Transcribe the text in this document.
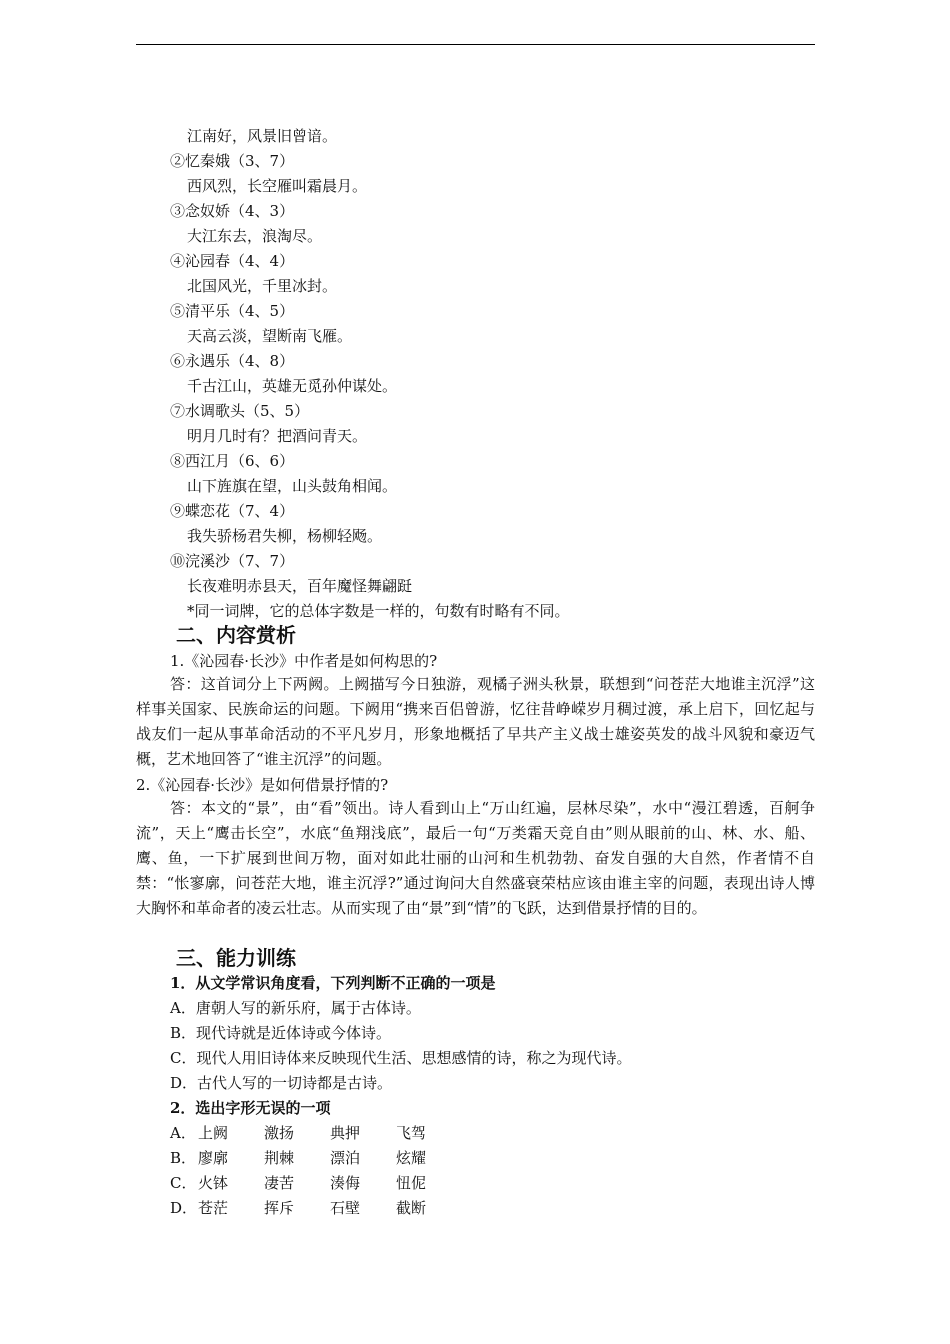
江南好，风景旧曾谙。
②忆秦娥（3、7）
西风烈，长空雁叫霜晨月。
③念奴娇（4、3）
大江东去，浪淘尽。
④沁园春（4、4）
北国风光，千里冰封。
⑤清平乐（4、5）
天高云淡，望断南飞雁。
⑥永遇乐（4、8）
千古江山，英雄无觅孙仲谋处。
⑦水调歌头（5、5）
明月几时有？把酒问青天。
⑧西江月（6、6）
山下旌旗在望，山头鼓角相闻。
⑨蝶恋花（7、4）
我失骄杨君失柳，杨柳轻飏。
⑩浣溪沙（7、7）
长夜难明赤县天，百年魔怪舞翩跹
*同一词牌，它的总体字数是一样的，句数有时略有不同。
二、内容赏析
1.《沁园春·长沙》中作者是如何构思的?
答：这首词分上下两阙。上阙描写今日独游，观橘子洲头秋景，联想到“问苍茫大地谁主沉浮”这样事关国家、民族命运的问题。下阙用“携来百侣曾游，忆往昔峥嵘岁月稠过渡，承上启下，回忆起与战友们一起从事革命活动的不平凡岁月，形象地概括了早共产主义战士雄姿英发的战斗风貌和豪迈气概，艺术地回答了“谁主沉浮”的问题。
2.《沁园春·长沙》是如何借景抒情的?
答：本文的“景”，由“看”领出。诗人看到山上“万山红遍，层林尽染”，水中“漫江碧透，百舸争流”，天上“鹰击长空”，水底“鱼翔浅底”，最后一句“万类霜天竞自由”则从眼前的山、林、水、船、鹰、鱼，一下扩展到世间万物，面对如此壮丽的山河和生机勃勃、奋发自强的大自然，作者情不自禁：“怅寥廓，问苍茫大地，谁主沉浮?”通过询问大自然盛衰荣枯应该由谁主宰的问题，表现出诗人博大胸怀和革命者的凌云壮志。从而实现了由“景”到“情”的飞跃，达到借景抒情的目的。
三、能力训练
1．从文学常识角度看，下列判断不正确的一项是
A．唐朝人写的新乐府，属于古体诗。
B．现代诗就是近体诗或今体诗。
C．现代人用旧诗体来反映现代生活、思想感情的诗，称之为现代诗。
D．古代人写的一切诗都是古诗。
2．选出字形无误的一项
A． 上阙 激扬 典押 飞驾
B． 廖廓 荆棘 漂泊 炫耀
C． 火钵 凄苦 湊侮 忸伲
D．苍茫 挥斥 石壁 截断
